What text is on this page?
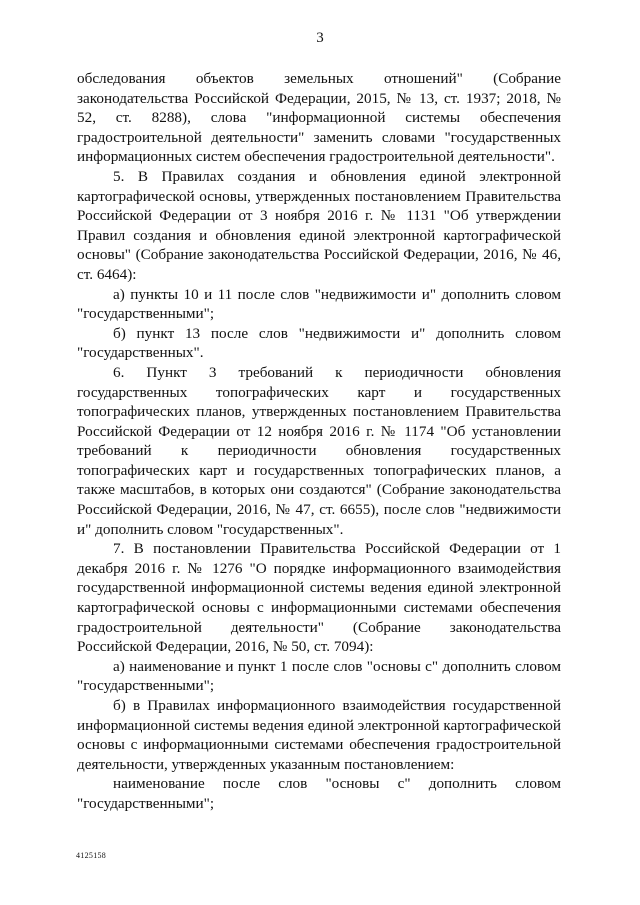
3

обследования объектов земельных отношений" (Собрание законодательства Российской Федерации, 2015, № 13, ст. 1937; 2018, № 52, ст. 8288), слова "информационной системы обеспечения градостроительной деятельности" заменить словами "государственных информационных систем обеспечения градостроительной деятельности".

5. В Правилах создания и обновления единой электронной картографической основы, утвержденных постановлением Правительства Российской Федерации от 3 ноября 2016 г. № 1131 "Об утверждении Правил создания и обновления единой электронной картографической основы" (Собрание законодательства Российской Федерации, 2016, № 46, ст. 6464):

а) пункты 10 и 11 после слов "недвижимости и" дополнить словом "государственными";

б) пункт 13 после слов "недвижимости и" дополнить словом "государственных".

6. Пункт 3 требований к периодичности обновления государственных топографических карт и государственных топографических планов, утвержденных постановлением Правительства Российской Федерации от 12 ноября 2016 г. № 1174 "Об установлении требований к периодичности обновления государственных топографических карт и государственных топографических планов, а также масштабов, в которых они создаются" (Собрание законодательства Российской Федерации, 2016, № 47, ст. 6655), после слов "недвижимости и" дополнить словом "государственных".

7. В постановлении Правительства Российской Федерации от 1 декабря 2016 г. № 1276 "О порядке информационного взаимодействия государственной информационной системы ведения единой электронной картографической основы с информационными системами обеспечения градостроительной деятельности" (Собрание законодательства Российской Федерации, 2016, № 50, ст. 7094):

а) наименование и пункт 1 после слов "основы с" дополнить словом "государственными";

б) в Правилах информационного взаимодействия государственной информационной системы ведения единой электронной картографической основы с информационными системами обеспечения градостроительной деятельности, утвержденных указанным постановлением:

наименование после слов "основы с" дополнить словом "государственными";

4125158
